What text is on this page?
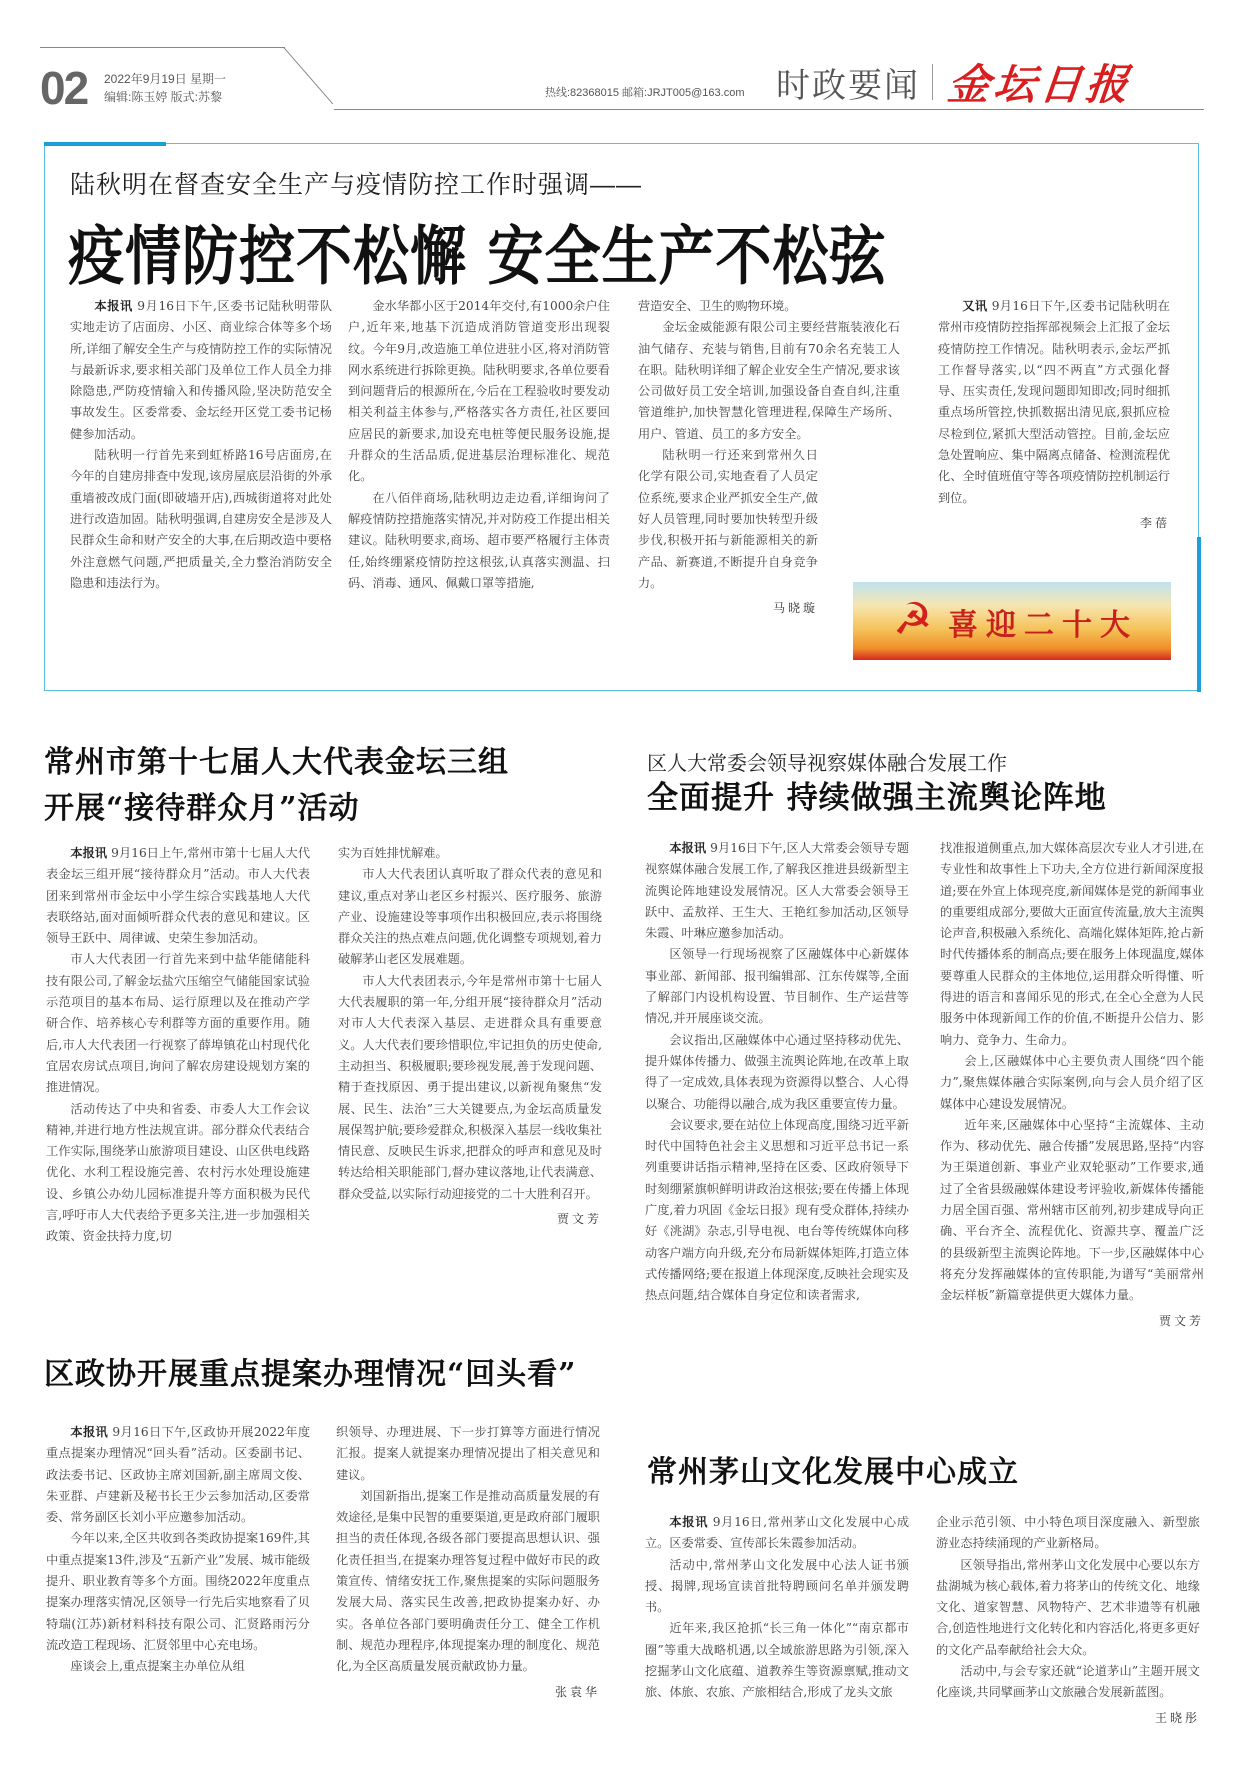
02 2022年9月19日 星期一
编辑:陈玉婷 版式:苏黎	热线:82368015 邮箱:JRJT005@163.com 时政要闻 金坛日报
陆秋明在督查安全生产与疫情防控工作时强调——
疫情防控不松懈 安全生产不松弦

本报讯 9月16日下午,区委书记陆秋明带队实地走访了店面房、小区、商业综合体等多个场所,详细了解安全生产与疫情防控工作的实际情况与最新诉求,要求相关部门及单位工作人员全力排除隐患,严防疫情输入和传播风险,坚决防范安全事故发生。区委常委、金坛经开区党工委书记杨健参加活动。

陆秋明一行首先来到虹桥路16号店面房,在今年的自建房排查中发现,该房屋底层沿街的外承重墙被改成门面(即破墙开店),西城街道将对此处进行改造加固。陆秋明强调,自建房安全是涉及人民群众生命和财产安全的大事,在后期改造中要格外注意燃气问题,严把质量关,全力整治消防安全隐患和违法行为。

金水华都小区于2014年交付,有1000余户住户,近年来,地基下沉造成消防管道变形出现裂纹。今年9月,改造施工单位进驻小区,将对消防管网水系统进行拆除更换。陆秋明要求,各单位要看到问题背后的根源所在,今后在工程验收时要发动相关利益主体参与,严格落实各方责任,社区要回应居民的新要求,加设充电桩等便民服务设施,提升群众的生活品质,促进基层治理标准化、规范化。

在八佰伴商场,陆秋明边走边看,详细询问了解疫情防控措施落实情况,并对防疫工作提出相关建议。陆秋明要求,商场、超市要严格履行主体责任,始终绷紧疫情防控这根弦,认真落实测温、扫码、消毒、通风、佩戴口罩等措施,

营造安全、卫生的购物环境。

金坛金威能源有限公司主要经营瓶装液化石油气储存、充装与销售,目前有70余名充装工人在职。陆秋明详细了解企业安全生产情况,要求该公司做好员工安全培训,加强设备自查自纠,注重管道维护,加快智慧化管理进程,保障生产场所、用户、管道、员工的多方安全。

陆秋明一行还来到常州久日化学有限公司,实地查看了人员定位系统,要求企业严抓安全生产,做好人员管理,同时要加快转型升级步伐,积极开拓与新能源相关的新产品、新赛道,不断提升自身竞争力。

马晓璇

又讯 9月16日下午,区委书记陆秋明在常州市疫情防控指挥部视频会上汇报了金坛疫情防控工作情况。陆秋明表示,金坛严抓工作督导落实,以“四不两直”方式强化督导、压实责任,发现问题即知即改;同时细抓重点场所管控,快抓数据出清见底,狠抓应检尽检到位,紧抓大型活动管控。目前,金坛应急处置响应、集中隔离点储备、检测流程优化、全时值班值守等各项疫情防控机制运行到位。

李蓓
☭ 喜迎二十大
常州市第十七届人大代表金坛三组
开展“接待群众月”活动

本报讯 9月16日上午,常州市第十七届人大代表金坛三组开展“接待群众月”活动。市人大代表团来到常州市金坛中小学生综合实践基地人大代表联络站,面对面倾听群众代表的意见和建议。区领导王跃中、周律诚、史荣生参加活动。

市人大代表团一行首先来到中盐华能储能科技有限公司,了解金坛盐穴压缩空气储能国家试验示范项目的基本布局、运行原理以及在推动产学研合作、培养核心专利群等方面的重要作用。随后,市人大代表团一行视察了薛埠镇花山村现代化宜居农房试点项目,询问了解农房建设规划方案的推进情况。

活动传达了中央和省委、市委人大工作会议精神,并进行地方性法规宣讲。部分群众代表结合工作实际,围绕茅山旅游项目建设、山区供电线路优化、水利工程设施完善、农村污水处理设施建设、乡镇公办幼儿园标准提升等方面积极为民代言,呼吁市人大代表给予更多关注,进一步加强相关政策、资金扶持力度,切

实为百姓排忧解难。

市人大代表团认真听取了群众代表的意见和建议,重点对茅山老区乡村振兴、医疗服务、旅游产业、设施建设等事项作出积极回应,表示将围绕群众关注的热点难点问题,优化调整专项规划,着力破解茅山老区发展难题。

市人大代表团表示,今年是常州市第十七届人大代表履职的第一年,分组开展“接待群众月”活动对市人大代表深入基层、走进群众具有重要意义。人大代表们要珍惜职位,牢记担负的历史使命,主动担当、积极履职;要珍视发展,善于发现问题、精于查找原因、勇于提出建议,以新视角聚焦“发展、民生、法治”三大关键要点,为金坛高质量发展保驾护航;要珍爱群众,积极深入基层一线收集社情民意、反映民生诉求,把群众的呼声和意见及时转达给相关职能部门,督办建议落地,让代表满意、群众受益,以实际行动迎接党的二十大胜利召开。

贾文芳
区人大常委会领导视察媒体融合发展工作
全面提升 持续做强主流舆论阵地

本报讯 9月16日下午,区人大常委会领导专题视察媒体融合发展工作,了解我区推进县级新型主流舆论阵地建设发展情况。区人大常委会领导王跃中、孟敖祥、王生大、王艳红参加活动,区领导朱霞、叶琳应邀参加活动。

区领导一行现场视察了区融媒体中心新媒体事业部、新闻部、报刊编辑部、江东传媒等,全面了解部门内设机构设置、节目制作、生产运营等情况,并开展座谈交流。

会议指出,区融媒体中心通过坚持移动优先、提升媒体传播力、做强主流舆论阵地,在改革上取得了一定成效,具体表现为资源得以整合、人心得以聚合、功能得以融合,成为我区重要宣传力量。

会议要求,要在站位上体现高度,围绕习近平新时代中国特色社会主义思想和习近平总书记一系列重要讲话指示精神,坚持在区委、区政府领导下时刻绷紧旗帜鲜明讲政治这根弦;要在传播上体现广度,着力巩固《金坛日报》现有受众群体,持续办好《洮湖》杂志,引导电视、电台等传统媒体向移动客户端方向升级,充分布局新媒体矩阵,打造立体式传播网络;要在报道上体现深度,反映社会现实及热点问题,结合媒体自身定位和读者需求,

找准报道侧重点,加大媒体高层次专业人才引进,在专业性和故事性上下功夫,全方位进行新闻深度报道;要在外宣上体现亮度,新闻媒体是党的新闻事业的重要组成部分,要做大正面宣传流量,放大主流舆论声音,积极融入系统化、高端化媒体矩阵,抢占新时代传播体系的制高点;要在服务上体现温度,媒体要尊重人民群众的主体地位,运用群众听得懂、听得进的语言和喜闻乐见的形式,在全心全意为人民服务中体现新闻工作的价值,不断提升公信力、影响力、竞争力、生命力。

会上,区融媒体中心主要负责人围绕“四个能力”,聚焦媒体融合实际案例,向与会人员介绍了区媒体中心建设发展情况。

近年来,区融媒体中心坚持“主流媒体、主动作为、移动优先、融合传播”发展思路,坚持“内容为王渠道创新、事业产业双轮驱动”工作要求,通过了全省县级融媒体建设考评验收,新媒体传播能力居全国百强、常州辖市区前列,初步建成导向正确、平台齐全、流程优化、资源共享、覆盖广泛的县级新型主流舆论阵地。下一步,区融媒体中心将充分发挥融媒体的宣传职能,为谱写“美丽常州金坛样板”新篇章提供更大媒体力量。

贾文芳
区政协开展重点提案办理情况“回头看”

本报讯 9月16日下午,区政协开展2022年度重点提案办理情况“回头看”活动。区委副书记、政法委书记、区政协主席刘国新,副主席周文俊、朱亚群、卢建新及秘书长王少云参加活动,区委常委、常务副区长刘小平应邀参加活动。

今年以来,全区共收到各类政协提案169件,其中重点提案13件,涉及“五新产业”发展、城市能级提升、职业教育等多个方面。围绕2022年度重点提案办理落实情况,区领导一行先后实地察看了贝特瑞(江苏)新材料科技有限公司、汇贤路雨污分流改造工程现场、汇贤邻里中心充电场。

座谈会上,重点提案主办单位从组

织领导、办理进展、下一步打算等方面进行情况汇报。提案人就提案办理情况提出了相关意见和建议。

刘国新指出,提案工作是推动高质量发展的有效途径,是集中民智的重要渠道,更是政府部门履职担当的责任体现,各级各部门要提高思想认识、强化责任担当,在提案办理答复过程中做好市民的政策宣传、情绪安抚工作,聚焦提案的实际问题服务发展大局、落实民生改善,把政协提案办好、办实。各单位各部门要明确责任分工、健全工作机制、规范办理程序,体现提案办理的制度化、规范化,为全区高质量发展贡献政协力量。

张袁华
常州茅山文化发展中心成立

本报讯 9月16日,常州茅山文化发展中心成立。区委常委、宣传部长朱霞参加活动。

活动中,常州茅山文化发展中心法人证书颁授、揭牌,现场宣读首批特聘顾问名单并颁发聘书。

近年来,我区抢抓“长三角一体化”“南京都市圈”等重大战略机遇,以全域旅游思路为引领,深入挖掘茅山文化底蕴、道教养生等资源禀赋,推动文旅、体旅、农旅、产旅相结合,形成了龙头文旅

企业示范引领、中小特色项目深度融入、新型旅游业态持续涌现的产业新格局。

区领导指出,常州茅山文化发展中心要以东方盐湖城为核心载体,着力将茅山的传统文化、地缘文化、道家智慧、风物特产、艺术非遗等有机融合,创造性地进行文化转化和内容活化,将更多更好的文化产品奉献给社会大众。

活动中,与会专家还就“论道茅山”主题开展文化座谈,共同擘画茅山文旅融合发展新蓝图。

王晓彤
